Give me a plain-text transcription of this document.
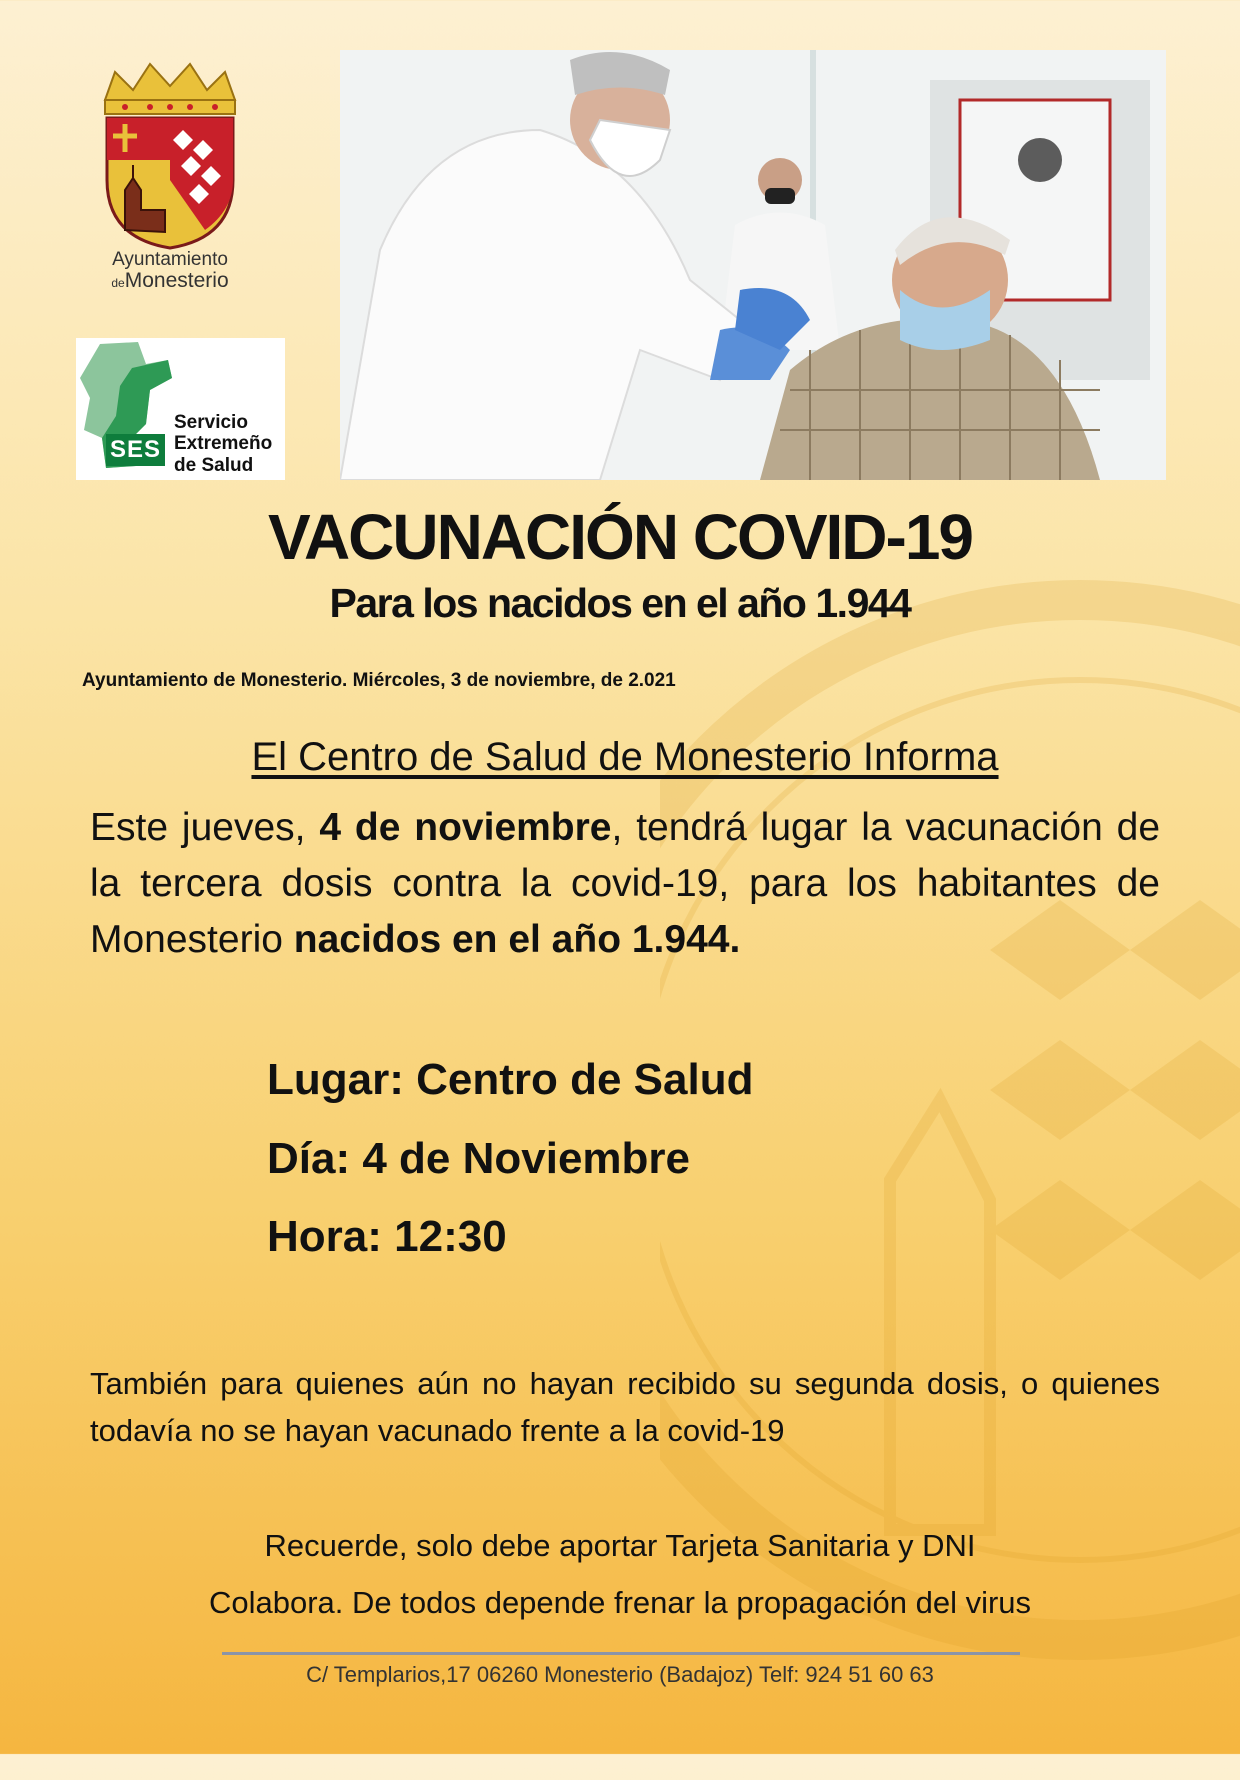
Ayuntamiento
deMonesterio
SES
Servicio
Extremeño
de Salud
VACUNACIÓN COVID-19
Para los nacidos en el año 1.944
Ayuntamiento de Monesterio. Miércoles, 3 de noviembre, de 2.021
El Centro de Salud de Monesterio Informa
Este jueves, 4 de noviembre, tendrá lugar la vacunación de la tercera dosis contra la covid-19, para los habitantes de Monesterio nacidos en el año 1.944.
Lugar: Centro de Salud
Día: 4 de Noviembre
Hora: 12:30
También para quienes aún no hayan recibido su segunda dosis, o quienes todavía no se hayan vacunado frente a la covid-19
Recuerde, solo debe aportar Tarjeta Sanitaria y DNI
Colabora. De todos depende frenar la propagación del virus
C/ Templarios,17 06260 Monesterio (Badajoz) Telf: 924 51 60 63
